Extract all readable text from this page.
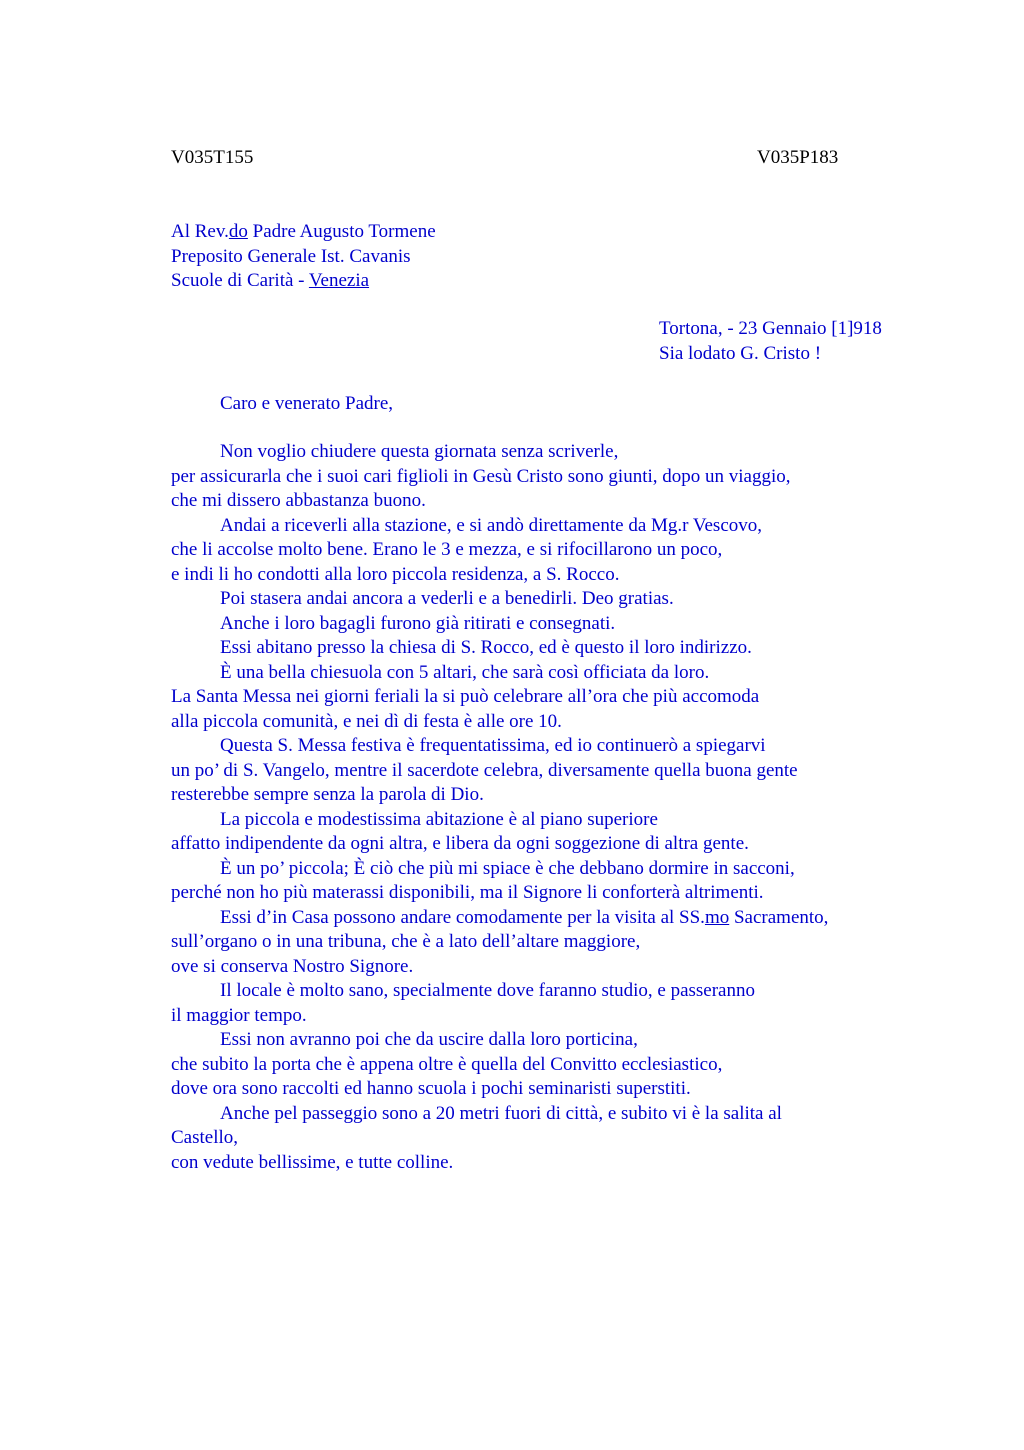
V035T155	V035P183
Al Rev.do Padre Augusto Tormene
Preposito Generale Ist. Cavanis
Scuole di Carità - Venezia
Tortona, - 23 Gennaio [1]918
Sia lodato G. Cristo !
Caro e venerato Padre,
Non voglio chiudere questa giornata senza scriverle,
per assicurarla che i suoi cari figlioli in Gesù Cristo sono giunti, dopo un viaggio,
che mi dissero abbastanza buono.
Andai a riceverli alla stazione, e si andò direttamente da Mg.r Vescovo,
che li accolse molto bene. Erano le 3 e mezza, e si rifocillarono un poco,
e indi li ho condotti alla loro piccola residenza, a S. Rocco.
Poi stasera andai ancora a vederli e a benedirli. Deo gratias.
Anche i loro bagagli furono già ritirati e consegnati.
Essi abitano presso la chiesa di S. Rocco, ed è questo il loro indirizzo.
È una bella chiesuola con 5 altari, che sarà così officiata da loro.
La Santa Messa nei giorni feriali la si può celebrare all’ora che più accomoda
alla piccola comunità, e nei dì di festa è alle ore 10.
Questa S. Messa festiva è frequentatissima, ed io continuerò a spiegarvi
un po’ di S. Vangelo, mentre il sacerdote celebra, diversamente quella buona gente
resterebbe sempre senza la parola di Dio.
La piccola e modestissima abitazione è al piano superiore
affatto indipendente da ogni altra, e libera da ogni soggezione di altra gente.
È un po’ piccola; È ciò che più mi spiace è che debbano dormire in sacconi,
perché non ho più materassi disponibili, ma il Signore li conforterà altrimenti.
Essi d’in Casa possono andare comodamente per la visita al SS.mo Sacramento,
sull’organo o in una tribuna, che è a lato dell’altare maggiore,
ove si conserva Nostro Signore.
Il locale è molto sano, specialmente dove faranno studio, e passeranno
il maggior tempo.
Essi non avranno poi che da uscire dalla loro porticina,
che subito la porta che è appena oltre è quella del Convitto ecclesiastico,
dove ora sono raccolti ed hanno scuola i pochi seminaristi superstiti.
Anche pel passeggio sono a 20 metri fuori di città, e subito vi è la salita al
Castello,
con vedute bellissime, e tutte colline.
